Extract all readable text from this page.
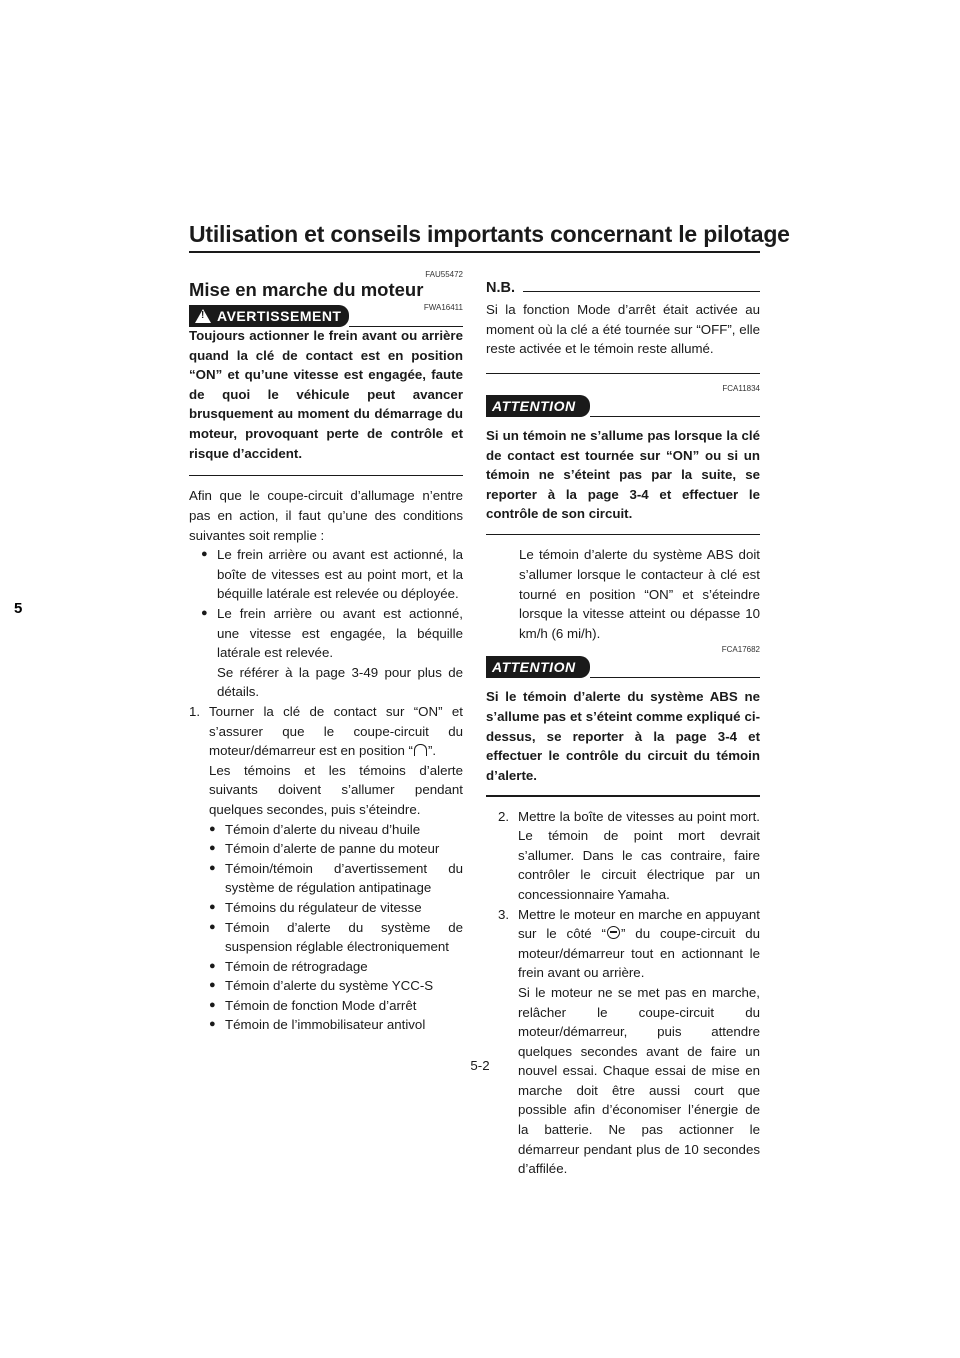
Utilisation et conseils importants concernant le pilotage
5
FAU55472
Mise en marche du moteur
!
AVERTISSEMENT
FWA16411

Toujours actionner le frein avant ou arrière quand la clé de contact est en position “ON” et qu’une vitesse est engagée, faute de quoi le véhicule peut avancer brusquement au moment du démarrage du moteur, provoquant perte de contrôle et risque d’accident.

Afin que le coupe-circuit d’allumage n’entre pas en action, il faut qu’une des conditions suivantes soit remplie :

● Le frein arrière ou avant est actionné, la boîte de vitesses est au point mort, et la béquille latérale est relevée ou déployée.
● Le frein arrière ou avant est actionné, une vitesse est engagée, la béquille latérale est relevée.
Se référer à la page 3-49 pour plus de détails.
1. Tourner la clé de contact sur “ON” et s’assurer que le coupe-circuit du moteur/démarreur est en position “ ”.
Les témoins et les témoins d’alerte suivants doivent s’allumer pendant quelques secondes, puis s’éteindre.
● Témoin d’alerte du niveau d’huile
● Témoin d’alerte de panne du moteur
● Témoin/témoin d’avertissement du système de régulation antipatinage
● Témoins du régulateur de vitesse
● Témoin d’alerte du système de suspension réglable électroniquement
● Témoin de rétrogradage
● Témoin d’alerte du système YCC-S
● Témoin de fonction Mode d’arrêt
● Témoin de l’immobilisateur antivol
N.B.

Si la fonction Mode d’arrêt était activée au moment où la clé a été tournée sur “OFF”, elle reste activée et le témoin reste allumé.

FCA11834
ATTENTION

Si un témoin ne s’allume pas lorsque la clé de contact est tournée sur “ON” ou si un témoin ne s’éteint pas par la suite, se reporter à la page 3-4 et effectuer le contrôle de son circuit.

Le témoin d’alerte du système ABS doit s’allumer lorsque le contacteur à clé est tourné en position “ON” et s’éteindre lorsque la vitesse atteint ou dépasse 10 km/h (6 mi/h).

FCA17682
ATTENTION

Si le témoin d’alerte du système ABS ne s’allume pas et s’éteint comme expliqué ci-dessus, se reporter à la page 3-4 et effectuer le contrôle du circuit du témoin d’alerte.

2. Mettre la boîte de vitesses au point mort. Le témoin de point mort devrait s’allumer. Dans le cas contraire, faire contrôler le circuit électrique par un concessionnaire Yamaha.
3. Mettre le moteur en marche en appuyant sur le côté “ ” du coupe-circuit du moteur/démarreur tout en actionnant le frein avant ou arrière.
Si le moteur ne se met pas en marche, relâcher le coupe-circuit du moteur/démarreur, puis attendre quelques secondes avant de faire un nouvel essai. Chaque essai de mise en marche doit être aussi court que possible afin d’économiser l’énergie de la batterie. Ne pas actionner le démarreur pendant plus de 10 secondes d’affilée.
5-2
